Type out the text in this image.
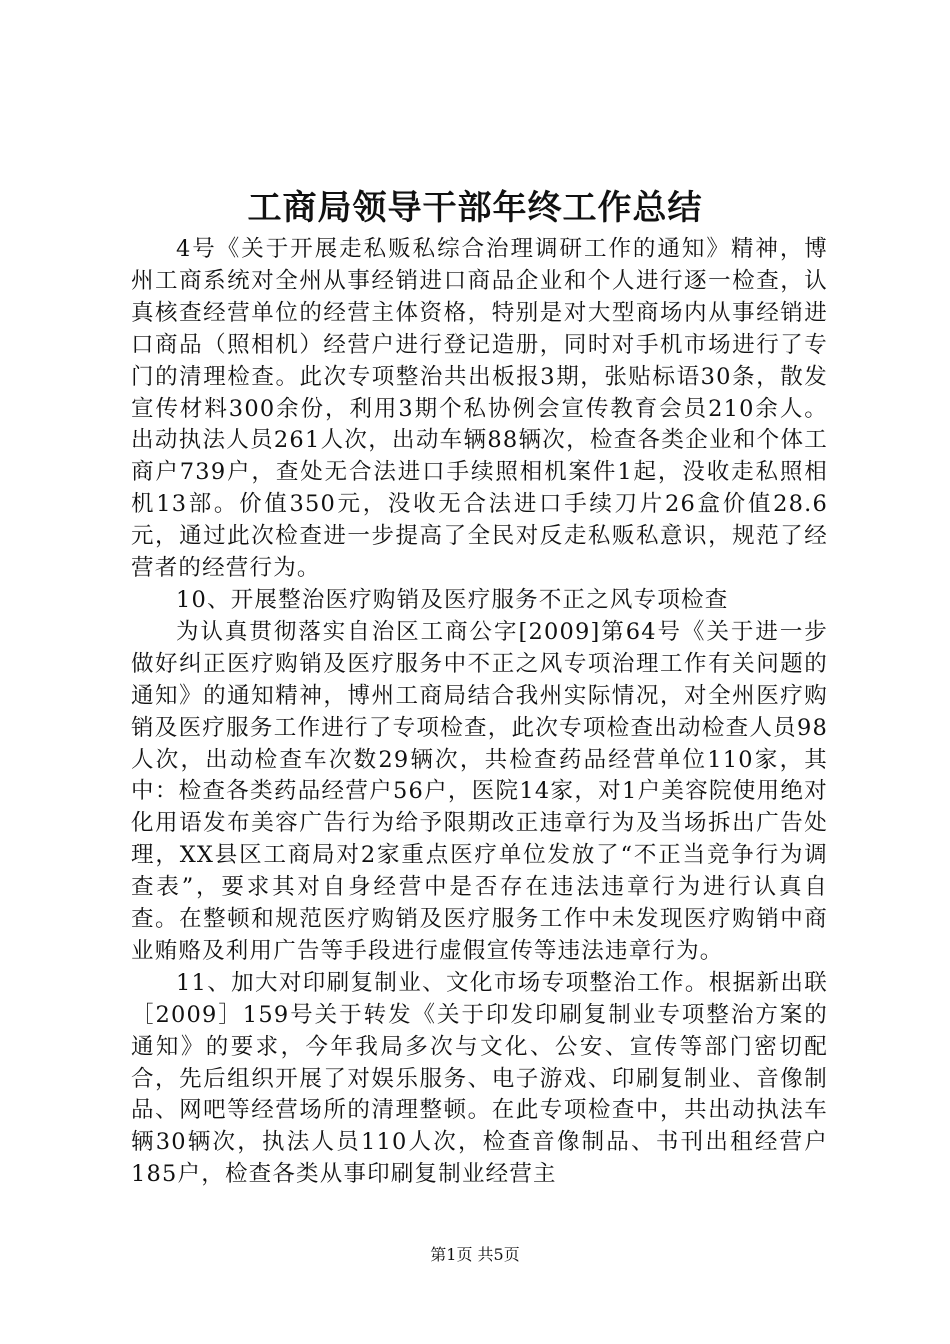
工商局领导干部年终工作总结

4号《关于开展走私贩私综合治理调研工作的通知》精神，博州工商系统对全州从事经销进口商品企业和个人进行逐一检查，认真核查经营单位的经营主体资格，特别是对大型商场内从事经销进口商品（照相机）经营户进行登记造册，同时对手机市场进行了专门的清理检查。此次专项整治共出板报3期，张贴标语30条，散发宣传材料300余份，利用3期个私协例会宣传教育会员210余人。出动执法人员261人次，出动车辆88辆次，检查各类企业和个体工商户739户，查处无合法进口手续照相机案件1起，没收走私照相机13部。价值350元，没收无合法进口手续刀片26盒价值28.6元，通过此次检查进一步提高了全民对反走私贩私意识，规范了经营者的经营行为。

10、开展整治医疗购销及医疗服务不正之风专项检查

为认真贯彻落实自治区工商公字[2009]第64号《关于进一步做好纠正医疗购销及医疗服务中不正之风专项治理工作有关问题的通知》的通知精神，博州工商局结合我州实际情况，对全州医疗购销及医疗服务工作进行了专项检查，此次专项检查出动检查人员98人次，出动检查车次数29辆次，共检查药品经营单位110家，其中：检查各类药品经营户56户，医院14家，对1户美容院使用绝对化用语发布美容广告行为给予限期改正违章行为及当场拆出广告处理，XX县区工商局对2家重点医疗单位发放了“不正当竞争行为调查表”，要求其对自身经营中是否存在违法违章行为进行认真自查。在整顿和规范医疗购销及医疗服务工作中未发现医疗购销中商业贿赂及利用广告等手段进行虚假宣传等违法违章行为。

11、加大对印刷复制业、文化市场专项整治工作。根据新出联［2009］159号关于转发《关于印发印刷复制业专项整治方案的通知》的要求，今年我局多次与文化、公安、宣传等部门密切配合，先后组织开展了对娱乐服务、电子游戏、印刷复制业、音像制品、网吧等经营场所的清理整顿。在此专项检查中，共出动执法车辆30辆次，执法人员110人次，检查音像制品、书刊出租经营户185户，检查各类从事印刷复制业经营主

第1页 共5页
